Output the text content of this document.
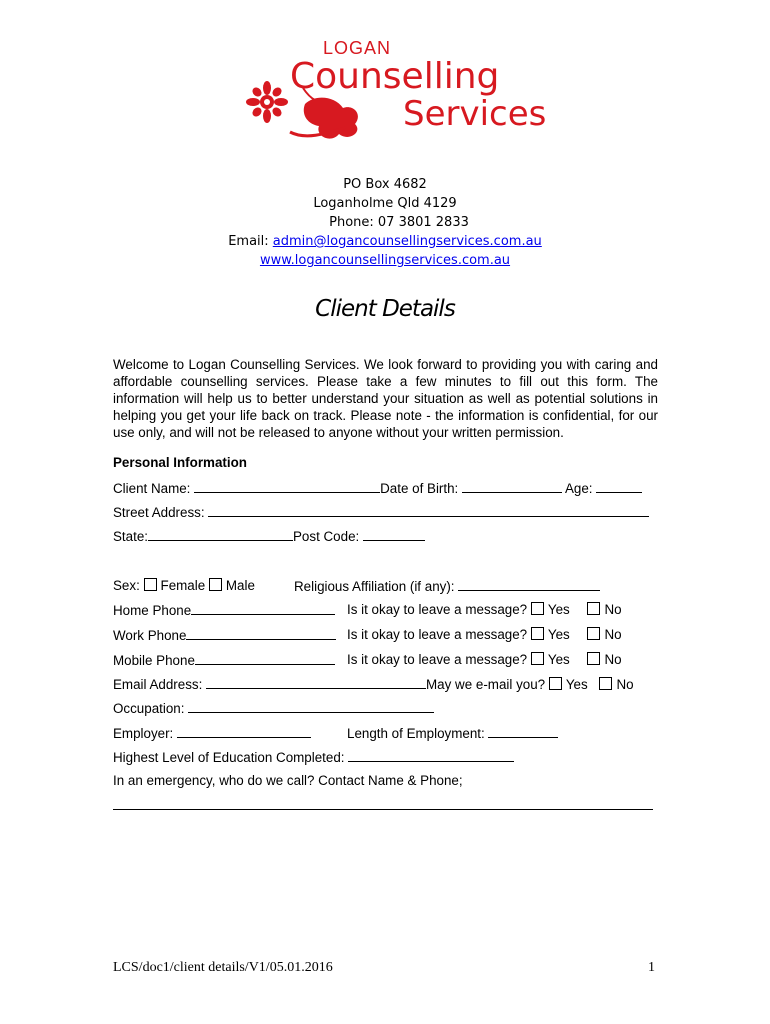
LOGAN
Counselling
Services
PO Box 4682
Loganholme Qld 4129
Phone: 07 3801 2833
Email: admin@logancounsellingservices.com.au
www.logancounsellingservices.com.au
Client Details
Welcome to Logan Counselling Services. We look forward to providing you with caring and affordable counselling services. Please take a few minutes to fill out this form. The information will help us to better understand your situation as well as potential solutions in helping you get your life back on track. Please note - the information is confidential, for our use only, and will not be released to anyone without your written permission.
Personal Information
Client Name:	Date of Birth:	Age:
Street Address:
State:	Post Code:
Sex: Female Male	Religious Affiliation (if any):
Home Phone	Is it okay to leave a message? Yes	No
Work Phone	Is it okay to leave a message? Yes	No
Mobile Phone	Is it okay to leave a message? Yes	No
Email Address:	May we e-mail you? Yes No
Occupation:
Employer:	Length of Employment:
Highest Level of Education Completed:
In an emergency, who do we call? Contact Name & Phone;
LCS/doc1/client details/V1/05.01.2016	1
